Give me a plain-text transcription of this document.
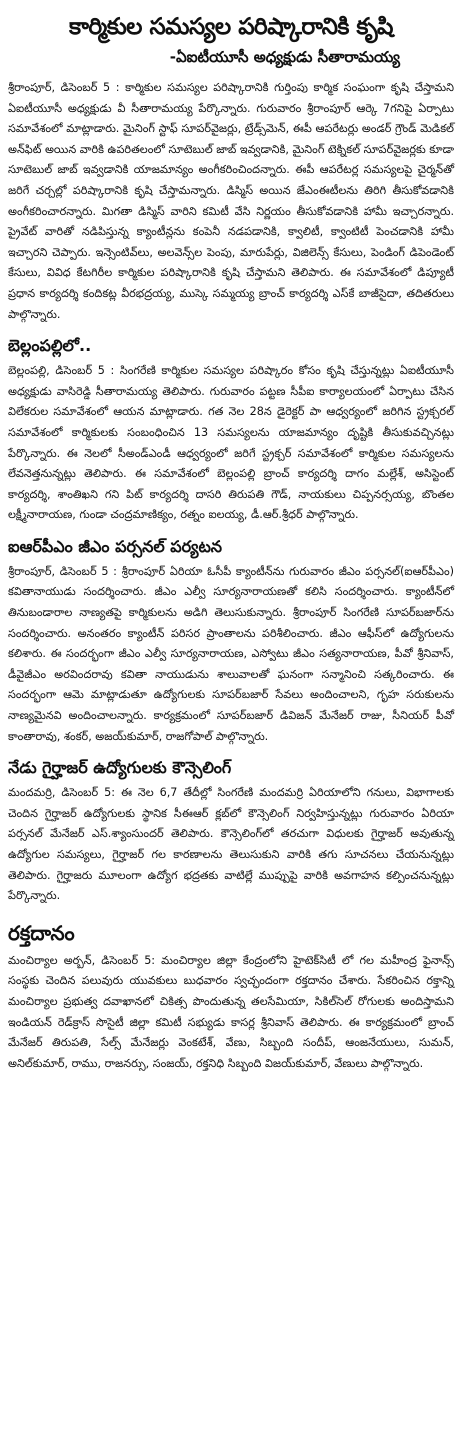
కార్మికుల సమస్యల పరిష్కారానికి కృషి
-ఏఐటీయూసీ అధ్యక్షుడు సీతారామయ్య
శ్రీరాంపూర్, డిసెంబర్ 5 : కార్మికుల సమస్యల పరిష్కారానికి గుర్తింపు కార్మిక సంఘంగా కృషి చేస్తామని ఏఐటీయూసీ అధ్యక్షుడు వీ సీతారామయ్య పేర్కొన్నారు. గురువారం శ్రీరాంపూర్ ఆర్కె 7గనిపై ఏర్పాటు సమావేశంలో మాట్లాడారు. మైనింగ్ స్టాఫ్ సూపర్‌వైజర్లు, ట్రేడ్స్‌మెన్, ఈపీ ఆపరేటర్లు అండర్ గ్రౌండ్ మెడికల్ అన్‌ఫిట్ అయిన వారికి ఉపరితలంలో సూటెబుల్ జాబ్ ఇవ్వడానికి, మైనింగ్ టెక్నికల్ సూపర్‌వైజర్లకు కూడా సూటెబుల్ జాబ్ ఇవ్వడానికి యాజమాన్యం అంగీకరించిందన్నారు. ఈపీ ఆపరేటర్ల సమస్యలపై చైర్మన్‌తో జరిగే చర్చల్లో పరిష్కారానికి కృషి చేస్తామన్నారు. డిస్మిస్ అయిన జేఎంఈటీలను తిరిగి తీసుకోవడానికి అంగీకరించారన్నారు. మిగతా డిస్మిస్ వారిని కమిటీ వేసి నిర్ణయం తీసుకోవడానికి హామీ ఇచ్చారన్నారు. ప్రైవేట్ వారితో నడిపిస్తున్న క్యాంటీన్లను కంపెనీ నడపడానికి, క్వాలిటీ, క్వాంటిటీ పెంచడానికి హామీ ఇచ్చారని చెప్పారు. ఇన్సెంటివ్‌లు, అలవెన్స్‌ల పెంపు, మారుపేర్లు, విజిలెన్స్ కేసులు, పెండింగ్ డిపెండెంట్ కేసులు, వివిధ కేటగిరీల కార్మికుల పరిష్కారానికి కృషి చేస్తామని తెలిపారు. ఈ సమావేశంలో డిప్యూటీ ప్రధాన కార్యదర్శి కందికట్ల వీరభద్రయ్య, ముస్కె సమ్మయ్య బ్రాంచ్ కార్యదర్శి ఎస్‌కే బాజీసైదా, తదితరులు పాల్గొన్నారు.
బెల్లంపల్లిలో..
బెల్లంపల్లి, డిసెంబర్ 5 : సింగరేణి కార్మికుల సమస్యల పరిష్కారం కోసం కృషి చేస్తున్నట్లు ఏఐటీయూసీ అధ్యక్షుడు వాసిరెడ్డి సీతారామయ్య తెలిపారు. గురువారం పట్టణ సీపీఐ కార్యాలయంలో ఏర్పాటు చేసిన విలేకరుల సమావేశంలో ఆయన మాట్లాడారు. గత నెల 28న డైరెక్టర్ పా ఆధ్వర్యంలో జరిగిన స్ట్రక్చరల్ సమావేశంలో కార్మికులకు సంబంధించిన 13 సమస్యలను యాజమాన్యం దృష్టికి తీసుకువచ్చినట్లు పేర్కొన్నారు. ఈ నెలలో సీఅండ్ఎండీ ఆధ్వర్యంలో జరిగే స్ట్రక్చర్ సమావేశంలో కార్మికుల సమస్యలను లేవనెత్తనున్నట్లు తెలిపారు. ఈ సమావేశంలో బెల్లంపల్లి బ్రాంచ్ కార్యదర్శి దాగం మల్లేశ్, అసిస్టెంట్ కార్యదర్శి, శాంతిఖని గని పిట్ కార్యదర్శి దాసరి తిరుపతి గౌడ్, నాయకులు చిప్పనర్సయ్య, బొంతల లక్ష్మీనారాయణ, గుండా చంద్రమాణిక్యం, రత్నం ఐలయ్య, డీ.ఆర్.శ్రీధర్ పాల్గొన్నారు.
ఐఆర్‌పీఎం జీఎం పర్సనల్ పర్యటన
శ్రీరాంపూర్, డిసెంబర్ 5 : శ్రీరాంపూర్ ఏరియా ఓసీపీ క్యాంటీన్‌ను గురువారం జీఎం పర్సనల్(ఐఆర్‌పీఎం) కవితానాయుడు సందర్శించారు. జీఎం ఎల్వీ సూర్యనారాయణతో కలిసి సందర్శించారు. క్యాంటీన్‌లో తినుబండారాల నాణ్యతపై కార్మికులను అడిగి తెలుసుకున్నారు. శ్రీరాంపూర్ సింగరేణి సూపర్‌బజార్‌ను సందర్శించారు. అనంతరం క్యాంటీన్ పరిసర ప్రాంతాలను పరిశీలించారు. జీఎం ఆఫీస్‌లో ఉద్యోగులను కలిశారు. ఈ సందర్భంగా జీఎం ఎల్వీ సూర్యనారాయణ, ఎస్వోటు జీఎం సత్యనారాయణ, పీవో శ్రీనివాస్, డీవైజీఎం అరవిందరావు కవితా నాయుడును శాలువాలతో ఘనంగా సన్మానించి సత్కరించారు. ఈ సందర్భంగా ఆమె మాట్లాడుతూ ఉద్యోగులకు సూపర్‌బజార్ సేవలు అందించాలని, గృహ సరుకులను నాణ్యమైనవి అందించాలన్నారు. కార్యక్రమంలో సూపర్‌బజార్ డివిజన్ మేనేజర్ రాజు, సీనియర్ పీవో కాంతారావు, శంకర్, అజయ్‌కుమార్, రాజగోపాల్ పాల్గొన్నారు.
నేడు గైర్హాజర్ ఉద్యోగులకు కౌన్సెలింగ్
మందమర్రి, డిసెంబర్ 5: ఈ నెల 6,7 తేదీల్లో సింగరేణి మందమర్రి ఏరియాలోని గనులు, విభాగాలకు చెందిన గైర్హాజర్ ఉద్యోగులకు స్థానిక సీఈఆర్ క్లబ్‌లో కౌన్సెలింగ్ నిర్వహిస్తున్నట్లు గురువారం ఏరియా పర్సనల్ మేనేజర్ ఎస్.శ్యాంసుందర్ తెలిపారు. కౌన్సెలింగ్‌లో తరచుగా విధులకు గైర్హాజర్ అవుతున్న ఉద్యోగుల సమస్యలు, గైర్హాజర్ గల కారణాలను తెలుసుకుని వారికి తగు సూచనలు చేయనున్నట్లు తెలిపారు. గైర్హాజరు మూలంగా ఉద్యోగ భద్రతకు వాటిల్లే ముప్పుపై వారికి అవగాహన కల్పించనున్నట్లు పేర్కొన్నారు.
రక్తదానం
మంచిర్యాల అర్బన్, డిసెంబర్ 5: మంచిర్యాల జిల్లా కేంద్రంలోని హైటెక్‌సిటీ లో గల మహీంద్ర ఫైనాన్స్ సంస్థకు చెందిన పలువురు యువకులు బుధవారం స్వచ్ఛందంగా రక్తదానం చేశారు. సేకరించిన రక్తాన్ని మంచిర్యాల ప్రభుత్వ దవాఖానలో చికిత్స పొందుతున్న తలసేమియా, సికిల్‌సెల్ రోగులకు అందిస్తామని ఇండియన్ రెడ్‌క్రాస్ సొసైటీ జిల్లా కమిటీ సభ్యుడు కాసర్ల శ్రీనివాస్ తెలిపారు. ఈ కార్యక్రమంలో బ్రాంచ్ మేనేజర్ తిరుపతి, సేల్స్ మేనేజర్లు వెంకటేశ్, వేణు, సిబ్బంది సందీప్, ఆంజనేయులు, సుమన్, అనిల్‌కుమార్, రాము, రాజనర్సు, సంజయ్, రక్తనిధి సిబ్బంది విజయ్‌కుమార్, వేణులు పాల్గొన్నారు.
